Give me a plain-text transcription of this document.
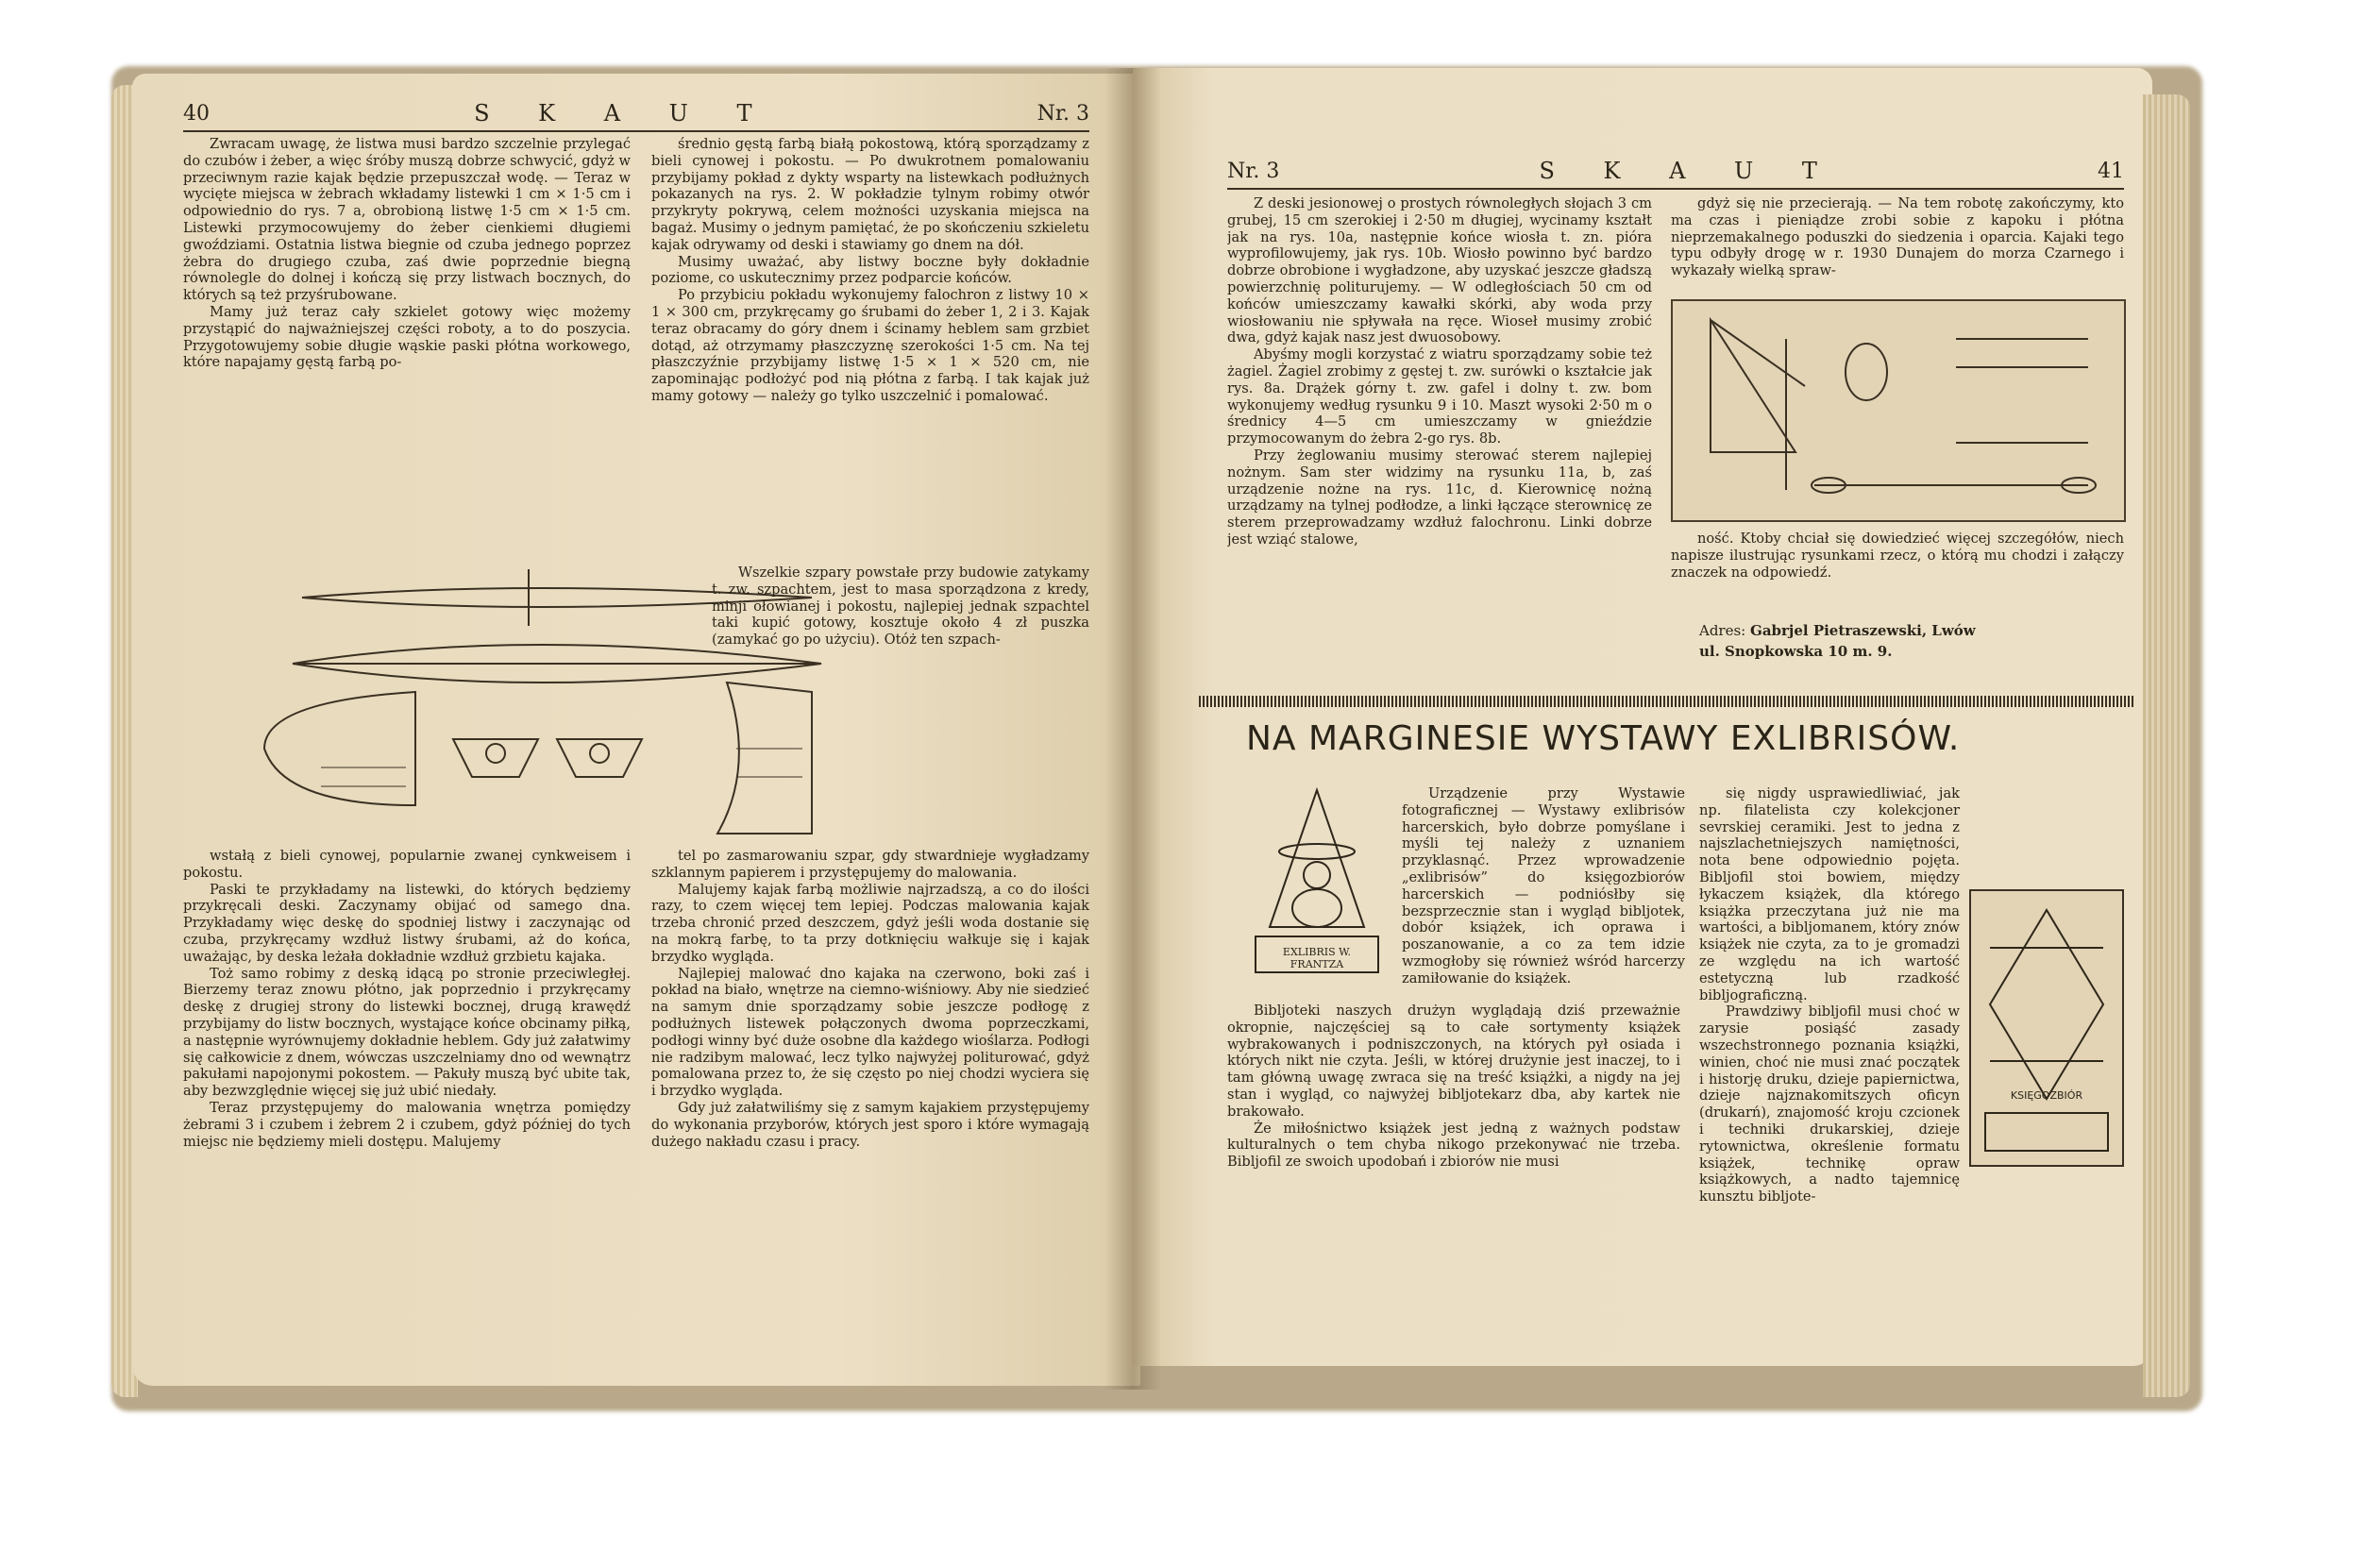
40	S K A U T	Nr. 3

Zwracam uwagę, że listwa musi bardzo szczelnie przylegać do czubów i żeber, a więc śróby muszą dobrze schwycić, gdyż w przeciwnym razie kajak będzie przepuszczał wodę. — Teraz w wycięte miejsca w żebrach wkładamy listewki 1 cm × 1·5 cm i odpowiednio do rys. 7 a, obrobioną listwę 1·5 cm × 1·5 cm. Listewki przymocowujemy do żeber cienkiemi długiemi gwoździami. Ostatnia listwa biegnie od czuba jednego poprzez żebra do drugiego czuba, zaś dwie poprzednie biegną równolegle do dolnej i kończą się przy listwach bocznych, do których są też przyśrubowane.

Mamy już teraz cały szkielet gotowy więc możemy przystąpić do najważniejszej części roboty, a to do poszycia. Przygotowujemy sobie długie wąskie paski płótna workowego, które napajamy gęstą farbą po-

średnio gęstą farbą białą pokostową, którą sporządzamy z bieli cynowej i pokostu. — Po dwukrotnem pomalowaniu przybijamy pokład z dykty wsparty na listewkach podłużnych pokazanych na rys. 2. W pokładzie tylnym robimy otwór przykryty pokrywą, celem możności uzyskania miejsca na bagaż. Musimy o jednym pamiętać, że po skończeniu szkieletu kajak odrywamy od deski i stawiamy go dnem na dół.

Musimy uważać, aby listwy boczne były dokładnie poziome, co uskutecznimy przez podparcie końców.

Po przybiciu pokładu wykonujemy falochron z listwy 10 × 1 × 300 cm, przykręcamy go śrubami do żeber 1, 2 i 3. Kajak teraz obracamy do góry dnem i ścinamy heblem sam grzbiet dotąd, aż otrzymamy płaszczyznę szerokości 1·5 cm. Na tej płaszczyźnie przybijamy listwę 1·5 × 1 × 520 cm, nie zapominając podłożyć pod nią płótna z farbą. I tak kajak już mamy gotowy — należy go tylko uszczelnić i pomalować.

Wszelkie szpary powstałe przy budowie zatykamy t. zw. szpachtem, jest to masa sporządzona z kredy, minji ołowianej i pokostu, najlepiej jednak szpachtel taki kupić gotowy, kosztuje około 4 zł puszka (zamykać go po użyciu). Otóż ten szpach-

wstałą z bieli cynowej, popularnie zwanej cynkweisem i pokostu.

Paski te przykładamy na listewki, do których będziemy przykręcali deski. Zaczynamy obijać od samego dna. Przykładamy więc deskę do spodniej listwy i zaczynając od czuba, przykręcamy wzdłuż listwy śrubami, aż do końca, uważając, by deska leżała dokładnie wzdłuż grzbietu kajaka.

Toż samo robimy z deską idącą po stronie przeciwległej. Bierzemy teraz znowu płótno, jak poprzednio i przykręcamy deskę z drugiej strony do listewki bocznej, drugą krawędź przybijamy do listw bocznych, wystające końce obcinamy piłką, a następnie wyrównujemy dokładnie heblem. Gdy już załatwimy się całkowicie z dnem, wówczas uszczelniamy dno od wewnątrz pakułami napojonymi pokostem. — Pakuły muszą być ubite tak, aby bezwzględnie więcej się już ubić niedały.

Teraz przystępujemy do malowania wnętrza pomiędzy żebrami 3 i czubem i żebrem 2 i czubem, gdyż później do tych miejsc nie będziemy mieli dostępu. Malujemy

tel po zasmarowaniu szpar, gdy stwardnieje wygładzamy szklannym papierem i przystępujemy do malowania.

Malujemy kajak farbą możliwie najrzadszą, a co do ilości razy, to czem więcej tem lepiej. Podczas malowania kajak trzeba chronić przed deszczem, gdyż jeśli woda dostanie się na mokrą farbę, to ta przy dotknięciu wałkuje się i kajak brzydko wygląda.

Najlepiej malować dno kajaka na czerwono, boki zaś i pokład na biało, wnętrze na ciemno-wiśniowy. Aby nie siedzieć na samym dnie sporządzamy sobie jeszcze podłogę z podłużnych listewek połączonych dwoma poprzeczkami, podłogi winny być duże osobne dla każdego wioślarza. Podłogi nie radzibym malować, lecz tylko najwyżej politurować, gdyż pomalowana przez to, że się często po niej chodzi wyciera się i brzydko wygląda.

Gdy już załatwiliśmy się z samym kajakiem przystępujemy do wykonania przyborów, których jest sporo i które wymagają dużego nakładu czasu i pracy.

Nr. 3	S K A U T	41

Z deski jesionowej o prostych równoległych słojach 3 cm grubej, 15 cm szerokiej i 2·50 m długiej, wycinamy kształt jak na rys. 10a, następnie końce wiosła t. zn. pióra wyprofilowujemy, jak rys. 10b. Wiosło powinno być bardzo dobrze obrobione i wygładzone, aby uzyskać jeszcze gładszą powierzchnię politurujemy. — W odległościach 50 cm od końców umieszczamy kawałki skórki, aby woda przy wiosłowaniu nie spływała na ręce. Wioseł musimy zrobić dwa, gdyż kajak nasz jest dwuosobowy.

Abyśmy mogli korzystać z wiatru sporządzamy sobie też żagiel. Żagiel zrobimy z gęstej t. zw. surówki o kształcie jak rys. 8a. Drążek górny t. zw. gafel i dolny t. zw. bom wykonujemy według rysunku 9 i 10. Maszt wysoki 2·50 m o średnicy 4—5 cm umieszczamy w gnieździe przymocowanym do żebra 2-go rys. 8b.

Przy żeglowaniu musimy sterować sterem najlepiej nożnym. Sam ster widzimy na rysunku 11a, b, zaś urządzenie nożne na rys. 11c, d. Kierownicę nożną urządzamy na tylnej podłodze, a linki łączące sterownicę ze sterem przeprowadzamy wzdłuż falochronu. Linki dobrze jest wziąć stalowe,

gdyż się nie przecierają. — Na tem robotę zakończymy, kto ma czas i pieniądze zrobi sobie z kapoku i płótna nieprzemakalnego poduszki do siedzenia i oparcia. Kajaki tego typu odbyły drogę w r. 1930 Dunajem do morza Czarnego i wykazały wielką spraw-

ność. Ktoby chciał się dowiedzieć więcej szczegółów, niech napisze ilustrując rysunkami rzecz, o którą mu chodzi i załączy znaczek na odpowiedź.

Adres: Gabrjel Pietraszewski, Lwów
ul. Snopkowska 10 m. 9.
NA MARGINESIE WYSTAWY EXLIBRISÓW.
EXLIBRIS W. FRANTZA

Urządzenie przy Wystawie fotograficznej — Wystawy exlibrisów harcerskich, było dobrze pomyślane i myśli tej należy z uznaniem przyklasnąć. Przez wprowadzenie „exlibrisów” do księgozbiorów harcerskich — podniósłby się bezsprzecznie stan i wygląd bibljotek, dobór książek, ich oprawa i poszanowanie, a co za tem idzie wzmogłoby się również wśród harcerzy zamiłowanie do książek.

Bibljoteki naszych drużyn wyglądają dziś przeważnie okropnie, najczęściej są to całe sortymenty książek wybrakowanych i podniszczonych, na których pył osiada i których nikt nie czyta. Jeśli, w której drużynie jest inaczej, to i tam główną uwagę zwraca się na treść książki, a nigdy na jej stan i wygląd, co najwyżej bibljotekarz dba, aby kartek nie brakowało.

Że miłośnictwo książek jest jedną z ważnych podstaw kulturalnych o tem chyba nikogo przekonywać nie trzeba. Bibljofil ze swoich upodobań i zbiorów nie musi

KSIĘGOZBIÓR

się nigdy usprawiedliwiać, jak np. filatelista czy kolekcjoner sevrskiej ceramiki. Jest to jedna z najszlachetniejszych namiętności, nota bene odpowiednio pojęta. Bibljofil stoi bowiem, między łykaczem książek, dla którego książka przeczytana już nie ma wartości, a bibljomanem, który znów książek nie czyta, za to je gromadzi ze względu na ich wartość estetyczną lub rzadkość bibljograficzną.

Prawdziwy bibljofil musi choć w zarysie posiąść zasady wszechstronnego poznania książki, winien, choć nie musi znać początek i historję druku, dzieje papiernictwa, dzieje najznakomitszych oficyn (drukarń), znajomość kroju czcionek i techniki drukarskiej, dzieje rytownictwa, określenie formatu książek, technikę opraw książkowych, a nadto tajemnicę kunsztu bibljote-
